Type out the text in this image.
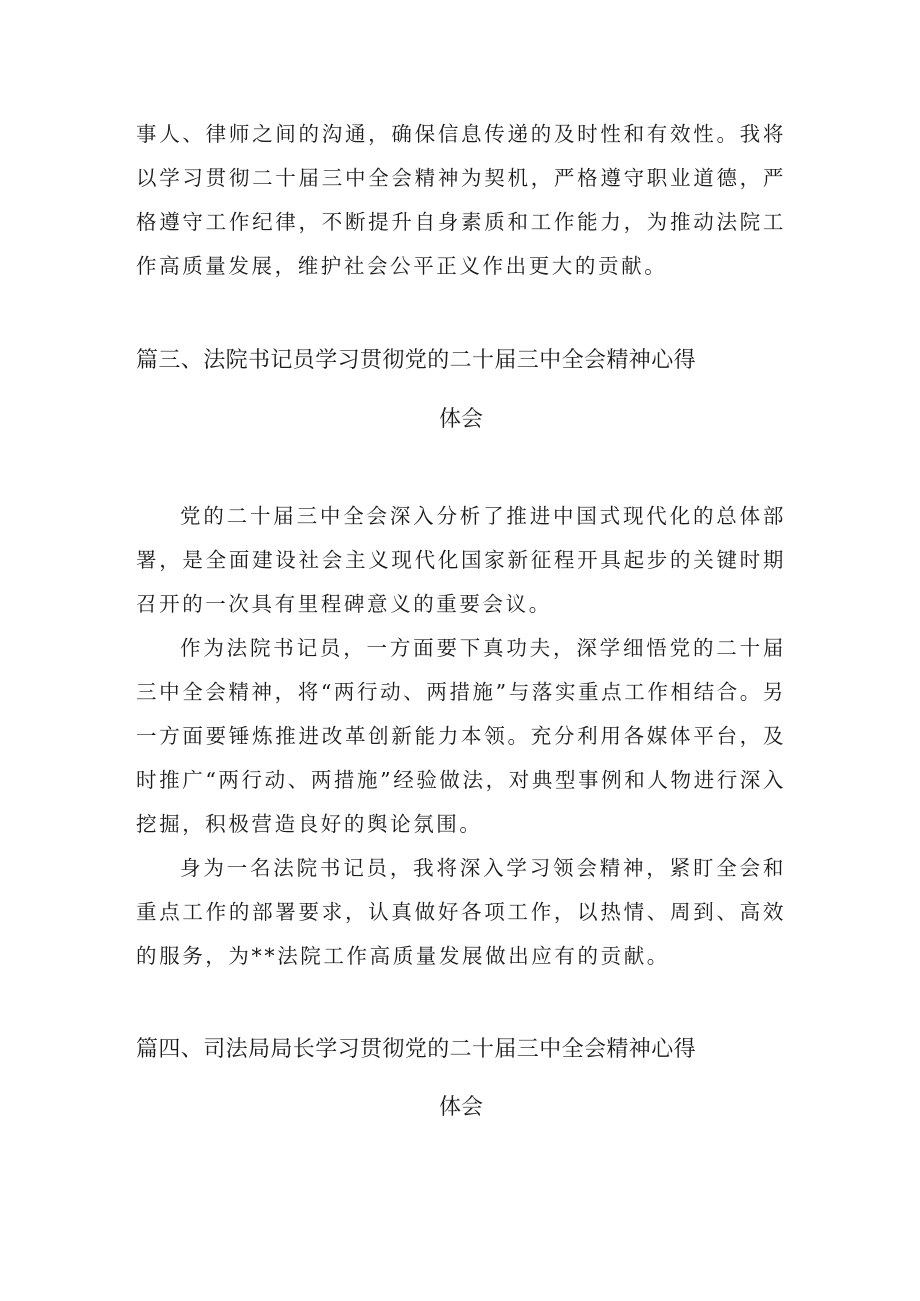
事人、律师之间的沟通，确保信息传递的及时性和有效性。我将以学习贯彻二十届三中全会精神为契机，严格遵守职业道德，严格遵守工作纪律，不断提升自身素质和工作能力，为推动法院工作高质量发展，维护社会公平正义作出更大的贡献。

篇三、法院书记员学习贯彻党的二十届三中全会精神心得
体会

党的二十届三中全会深入分析了推进中国式现代化的总体部署，是全面建设社会主义现代化国家新征程开具起步的关键时期召开的一次具有里程碑意义的重要会议。

作为法院书记员，一方面要下真功夫，深学细悟党的二十届三中全会精神，将“两行动、两措施”与落实重点工作相结合。另一方面要锤炼推进改革创新能力本领。充分利用各媒体平台，及时推广“两行动、两措施”经验做法，对典型事例和人物进行深入挖掘，积极营造良好的舆论氛围。

身为一名法院书记员，我将深入学习领会精神，紧盯全会和重点工作的部署要求，认真做好各项工作，以热情、周到、高效的服务，为**法院工作高质量发展做出应有的贡献。

篇四、司法局局长学习贯彻党的二十届三中全会精神心得
体会
